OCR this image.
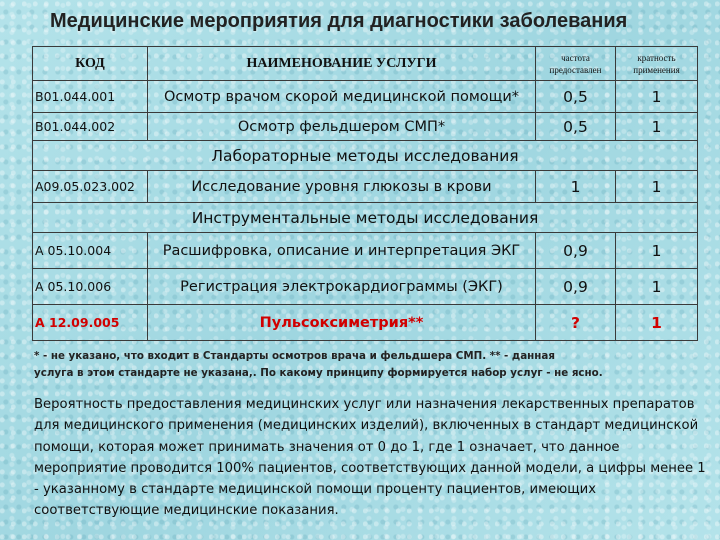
Медицинские мероприятия для диагностики заболевания
КОД	НАИМЕНОВАНИЕ УСЛУГИ	частота предоставлен	кратность применения
B01.044.001	Осмотр врачом скорой медицинской помощи*	0,5	1
B01.044.002	Осмотр фельдшером СМП*	0,5	1
Лабораторные методы исследования			
A09.05.023.002	Исследование уровня глюкозы в крови	1	1
Инструментальные методы исследования			
A 05.10.004	Расшифровка, описание и интерпретация ЭКГ	0,9	1
A 05.10.006	Регистрация электрокардиограммы (ЭКГ)	0,9	1
A 12.09.005	Пульсоксиметрия**	?	1
* - не указано, что входит в Стандарты осмотров врача и фельдшера СМП. ** - данная
услуга в этом стандарте не указана,. По какому принципу формируется набор услуг - не ясно.
Вероятность предоставления медицинских услуг или назначения лекарственных препаратов для медицинского применения (медицинских изделий), включенных в стандарт медицинской помощи, которая может принимать значения от 0 до 1, где 1 означает, что данное мероприятие проводится 100% пациентов, соответствующих данной модели, а цифры менее 1 - указанному в стандарте медицинской помощи проценту пациентов, имеющих соответствующие медицинские показания.
